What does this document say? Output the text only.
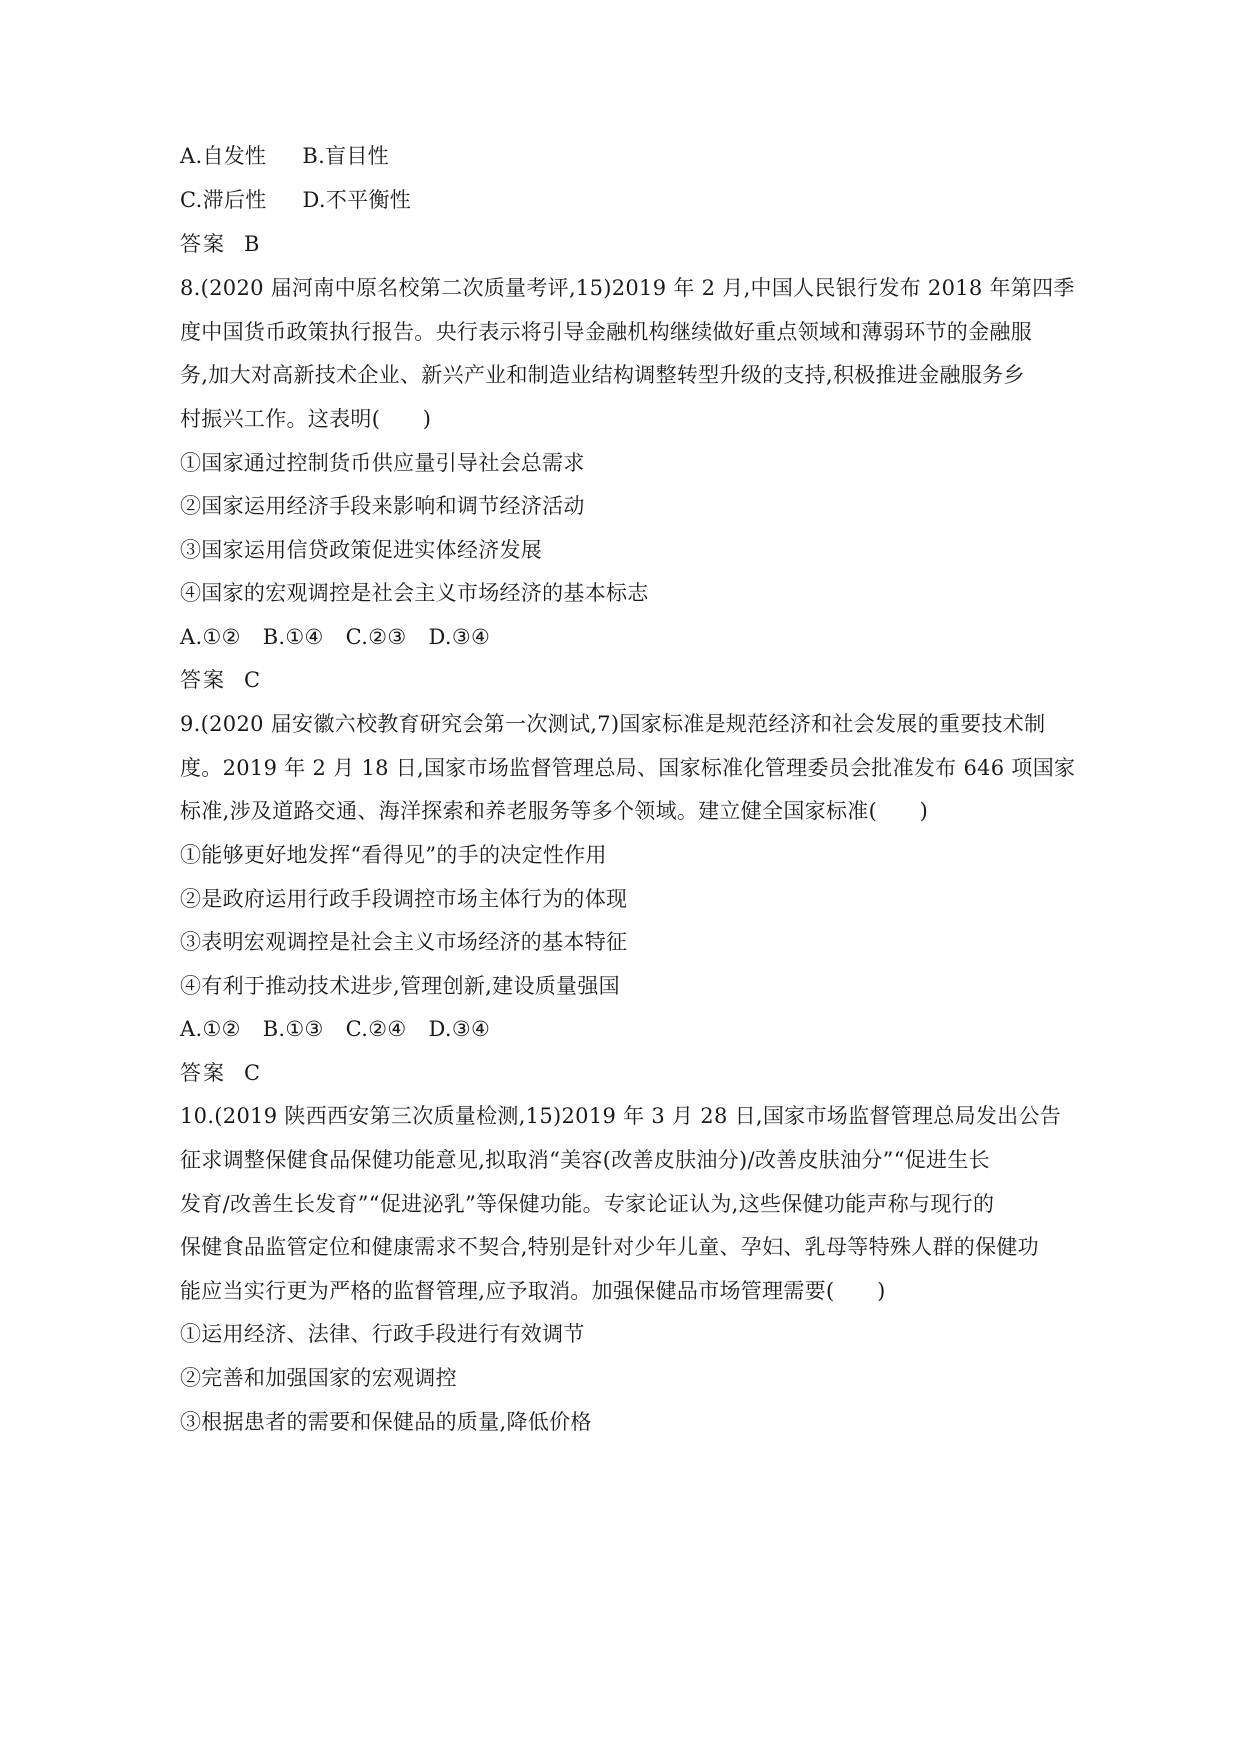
A.自发性 B.盲目性
C.滞后性 D.不平衡性
答案 B
8.(2020 届河南中原名校第二次质量考评,15)2019 年 2 月,中国人民银行发布 2018 年第四季
度中国货币政策执行报告。央行表示将引导金融机构继续做好重点领域和薄弱环节的金融服
务,加大对高新技术企业、新兴产业和制造业结构调整转型升级的支持,积极推进金融服务乡
村振兴工作。这表明(　　)
①国家通过控制货币供应量引导社会总需求
②国家运用经济手段来影响和调节经济活动
③国家运用信贷政策促进实体经济发展
④国家的宏观调控是社会主义市场经济的基本标志
A.①② B.①④ C.②③ D.③④
答案 C
9.(2020 届安徽六校教育研究会第一次测试,7)国家标准是规范经济和社会发展的重要技术制
度。2019 年 2 月 18 日,国家市场监督管理总局、国家标准化管理委员会批准发布 646 项国家
标准,涉及道路交通、海洋探索和养老服务等多个领域。建立健全国家标准(　　)
①能够更好地发挥“看得见”的手的决定性作用
②是政府运用行政手段调控市场主体行为的体现
③表明宏观调控是社会主义市场经济的基本特征
④有利于推动技术进步,管理创新,建设质量强国
A.①② B.①③ C.②④ D.③④
答案 C
10.(2019 陕西西安第三次质量检测,15)2019 年 3 月 28 日,国家市场监督管理总局发出公告
征求调整保健食品保健功能意见,拟取消“美容(改善皮肤油分)/改善皮肤油分”“促进生长
发育/改善生长发育”“促进泌乳”等保健功能。专家论证认为,这些保健功能声称与现行的
保健食品监管定位和健康需求不契合,特别是针对少年儿童、孕妇、乳母等特殊人群的保健功
能应当实行更为严格的监督管理,应予取消。加强保健品市场管理需要(　　)
①运用经济、法律、行政手段进行有效调节
②完善和加强国家的宏观调控
③根据患者的需要和保健品的质量,降低价格
